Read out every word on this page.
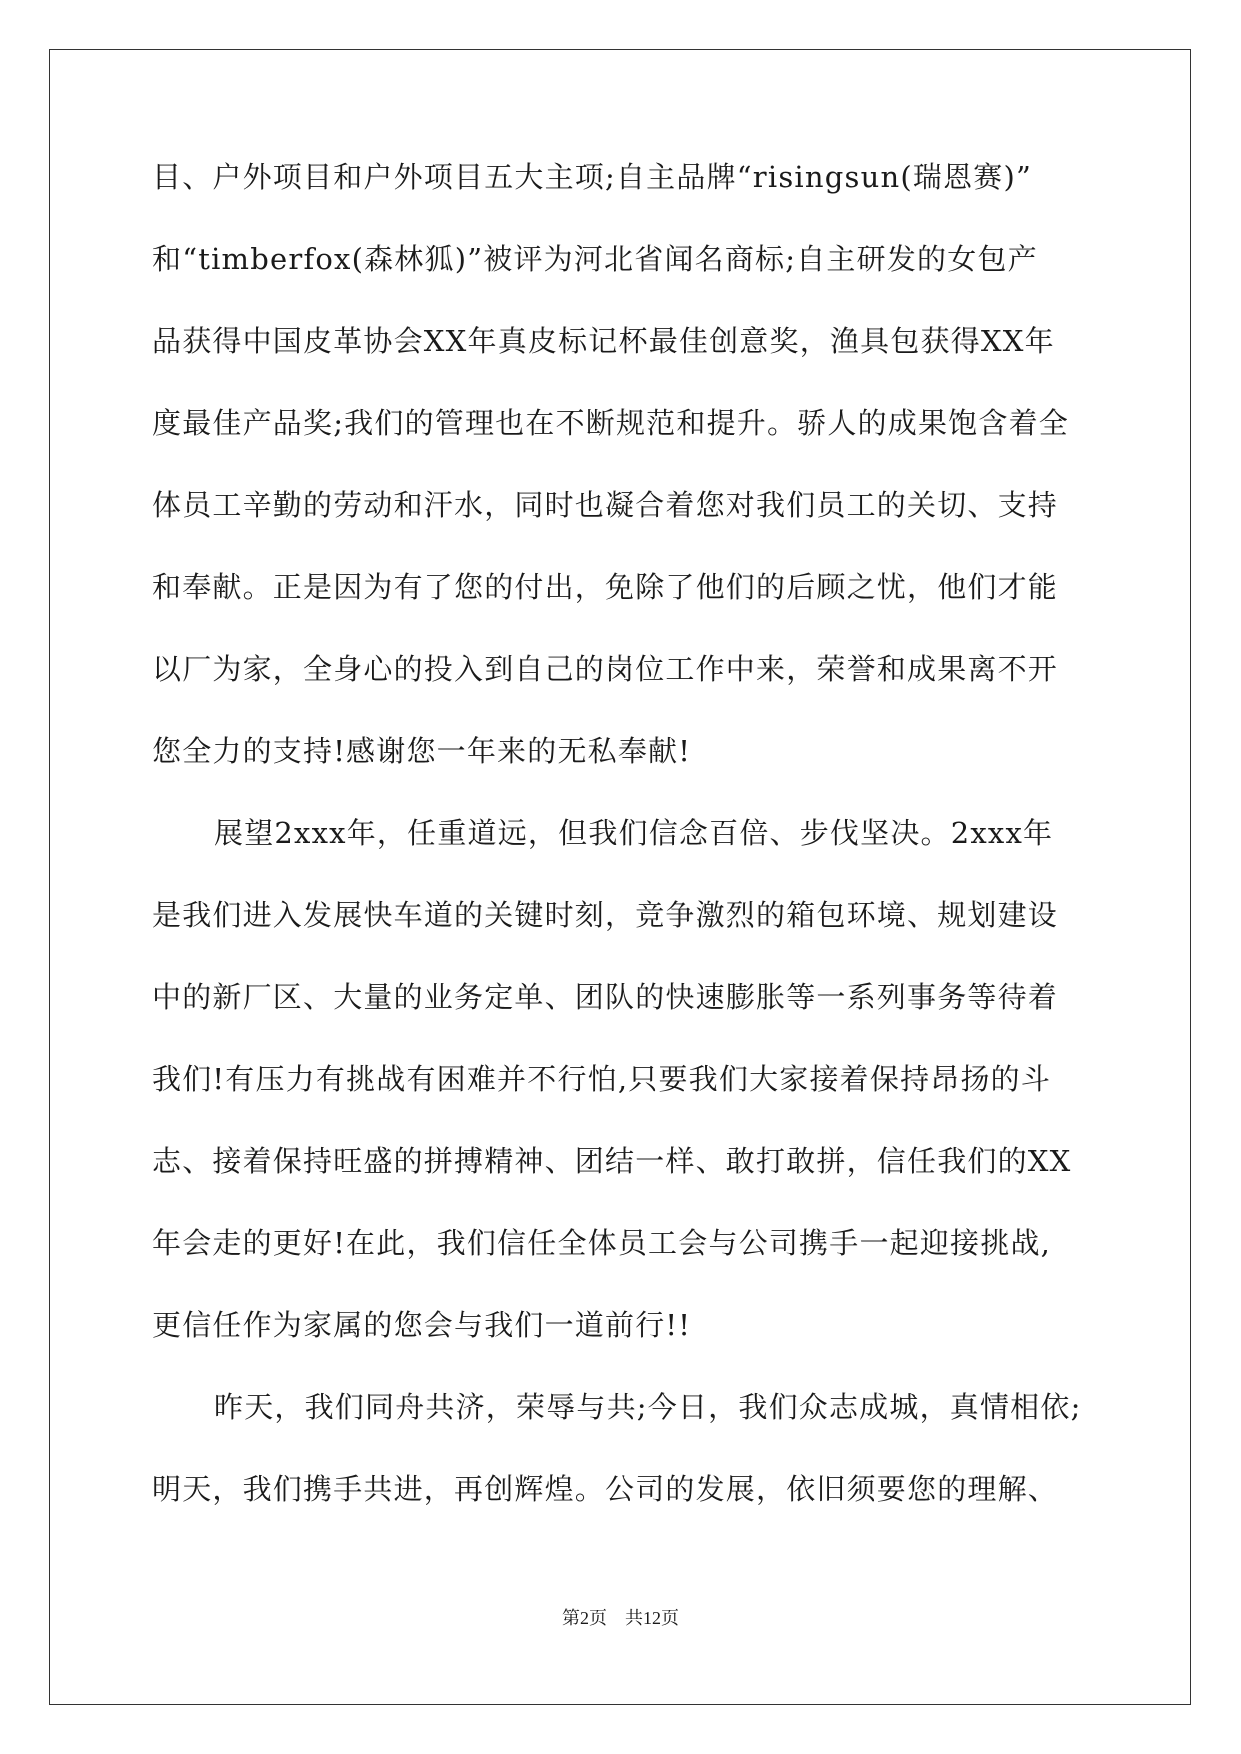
目、户外项目和户外项目五大主项;自主品牌“risingsun(瑞恩赛)”
和“timberfox(森林狐)”被评为河北省闻名商标;自主研发的女包产
品获得中国皮革协会XX年真皮标记杯最佳创意奖，渔具包获得XX年
度最佳产品奖;我们的管理也在不断规范和提升。骄人的成果饱含着全
体员工辛勤的劳动和汗水，同时也凝合着您对我们员工的关切、支持
和奉献。正是因为有了您的付出，免除了他们的后顾之忧，他们才能
以厂为家，全身心的投入到自己的岗位工作中来，荣誉和成果离不开
您全力的支持!感谢您一年来的无私奉献!
展望2xxx年，任重道远，但我们信念百倍、步伐坚决。2xxx年
是我们进入发展快车道的关键时刻，竞争激烈的箱包环境、规划建设
中的新厂区、大量的业务定单、团队的快速膨胀等一系列事务等待着
我们!有压力有挑战有困难并不行怕,只要我们大家接着保持昂扬的斗
志、接着保持旺盛的拼搏精神、团结一样、敢打敢拼，信任我们的XX
年会走的更好!在此，我们信任全体员工会与公司携手一起迎接挑战,
更信任作为家属的您会与我们一道前行!!
昨天，我们同舟共济，荣辱与共;今日，我们众志成城，真情相依;
明天，我们携手共进，再创辉煌。公司的发展，依旧须要您的理解、
第2页 共12页
